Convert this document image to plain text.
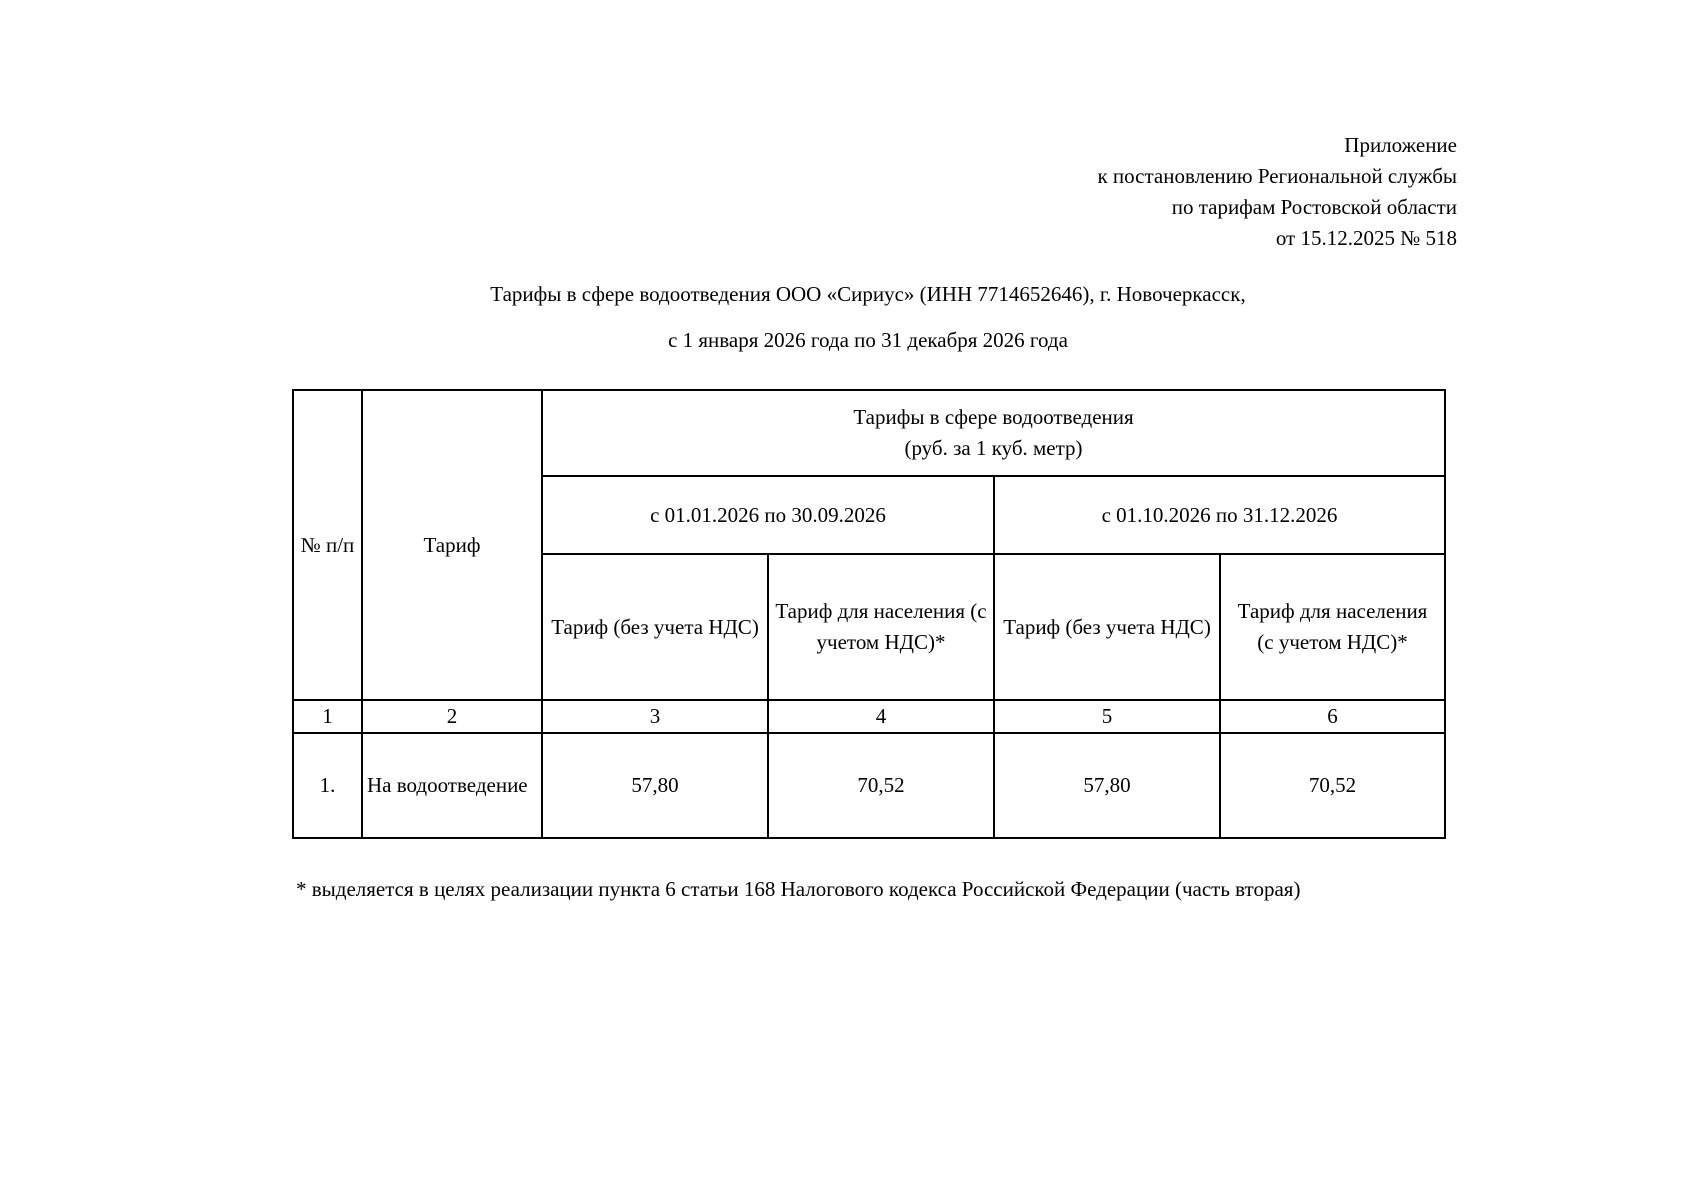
Приложение
к постановлению Региональной службы
по тарифам Ростовской области
от 15.12.2025 № 518
Тарифы в сфере водоотведения ООО «Сириус» (ИНН 7714652646), г. Новочеркасск,
с 1 января 2026 года по 31 декабря 2026 года
№ п/п	Тариф	Тарифы в сфере водоотведения
(руб. за 1 куб. метр)			

		с 01.01.2026 по 30.09.2026		с 01.10.2026 по 31.12.2026	
		Тариф (без учета НДС)	Тариф для населения (с учетом НДС)*	Тариф (без учета НДС)	Тариф для населения (с учетом НДС)*
1	2	3	4	5	6
1.	На водоотведение	57,80	70,52	57,80	70,52
* выделяется в целях реализации пункта 6 статьи 168 Налогового кодекса Российской Федерации (часть вторая)
